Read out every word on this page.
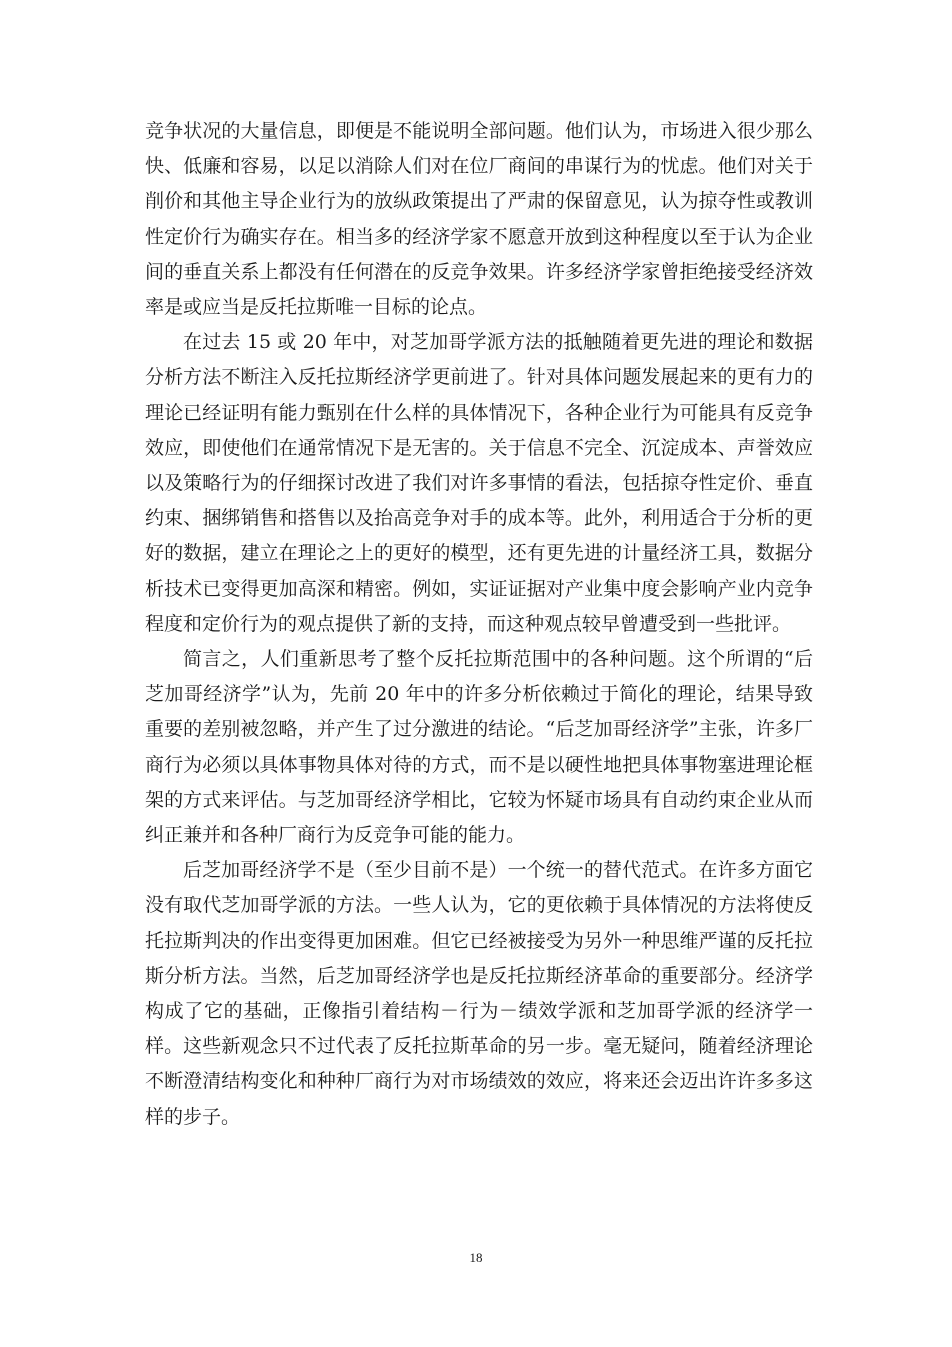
竞争状况的大量信息，即便是不能说明全部问题。他们认为，市场进入很少那么快、低廉和容易，以足以消除人们对在位厂商间的串谋行为的忧虑。他们对关于削价和其他主导企业行为的放纵政策提出了严肃的保留意见，认为掠夺性或教训性定价行为确实存在。相当多的经济学家不愿意开放到这种程度以至于认为企业间的垂直关系上都没有任何潜在的反竞争效果。许多经济学家曾拒绝接受经济效率是或应当是反托拉斯唯一目标的论点。

在过去 15 或 20 年中，对芝加哥学派方法的抵触随着更先进的理论和数据分析方法不断注入反托拉斯经济学更前进了。针对具体问题发展起来的更有力的理论已经证明有能力甄别在什么样的具体情况下，各种企业行为可能具有反竞争效应，即使他们在通常情况下是无害的。关于信息不完全、沉淀成本、声誉效应以及策略行为的仔细探讨改进了我们对许多事情的看法，包括掠夺性定价、垂直约束、捆绑销售和搭售以及抬高竞争对手的成本等。此外，利用适合于分析的更好的数据，建立在理论之上的更好的模型，还有更先进的计量经济工具，数据分析技术已变得更加高深和精密。例如，实证证据对产业集中度会影响产业内竞争程度和定价行为的观点提供了新的支持，而这种观点较早曾遭受到一些批评。

简言之，人们重新思考了整个反托拉斯范围中的各种问题。这个所谓的“后芝加哥经济学”认为，先前 20 年中的许多分析依赖过于简化的理论，结果导致重要的差别被忽略，并产生了过分激进的结论。“后芝加哥经济学”主张，许多厂商行为必须以具体事物具体对待的方式，而不是以硬性地把具体事物塞进理论框架的方式来评估。与芝加哥经济学相比，它较为怀疑市场具有自动约束企业从而纠正兼并和各种厂商行为反竞争可能的能力。

后芝加哥经济学不是（至少目前不是）一个统一的替代范式。在许多方面它没有取代芝加哥学派的方法。一些人认为，它的更依赖于具体情况的方法将使反托拉斯判决的作出变得更加困难。但它已经被接受为另外一种思维严谨的反托拉斯分析方法。当然，后芝加哥经济学也是反托拉斯经济革命的重要部分。经济学构成了它的基础，正像指引着结构－行为－绩效学派和芝加哥学派的经济学一样。这些新观念只不过代表了反托拉斯革命的另一步。毫无疑问，随着经济理论不断澄清结构变化和种种厂商行为对市场绩效的效应，将来还会迈出许许多多这样的步子。

18
